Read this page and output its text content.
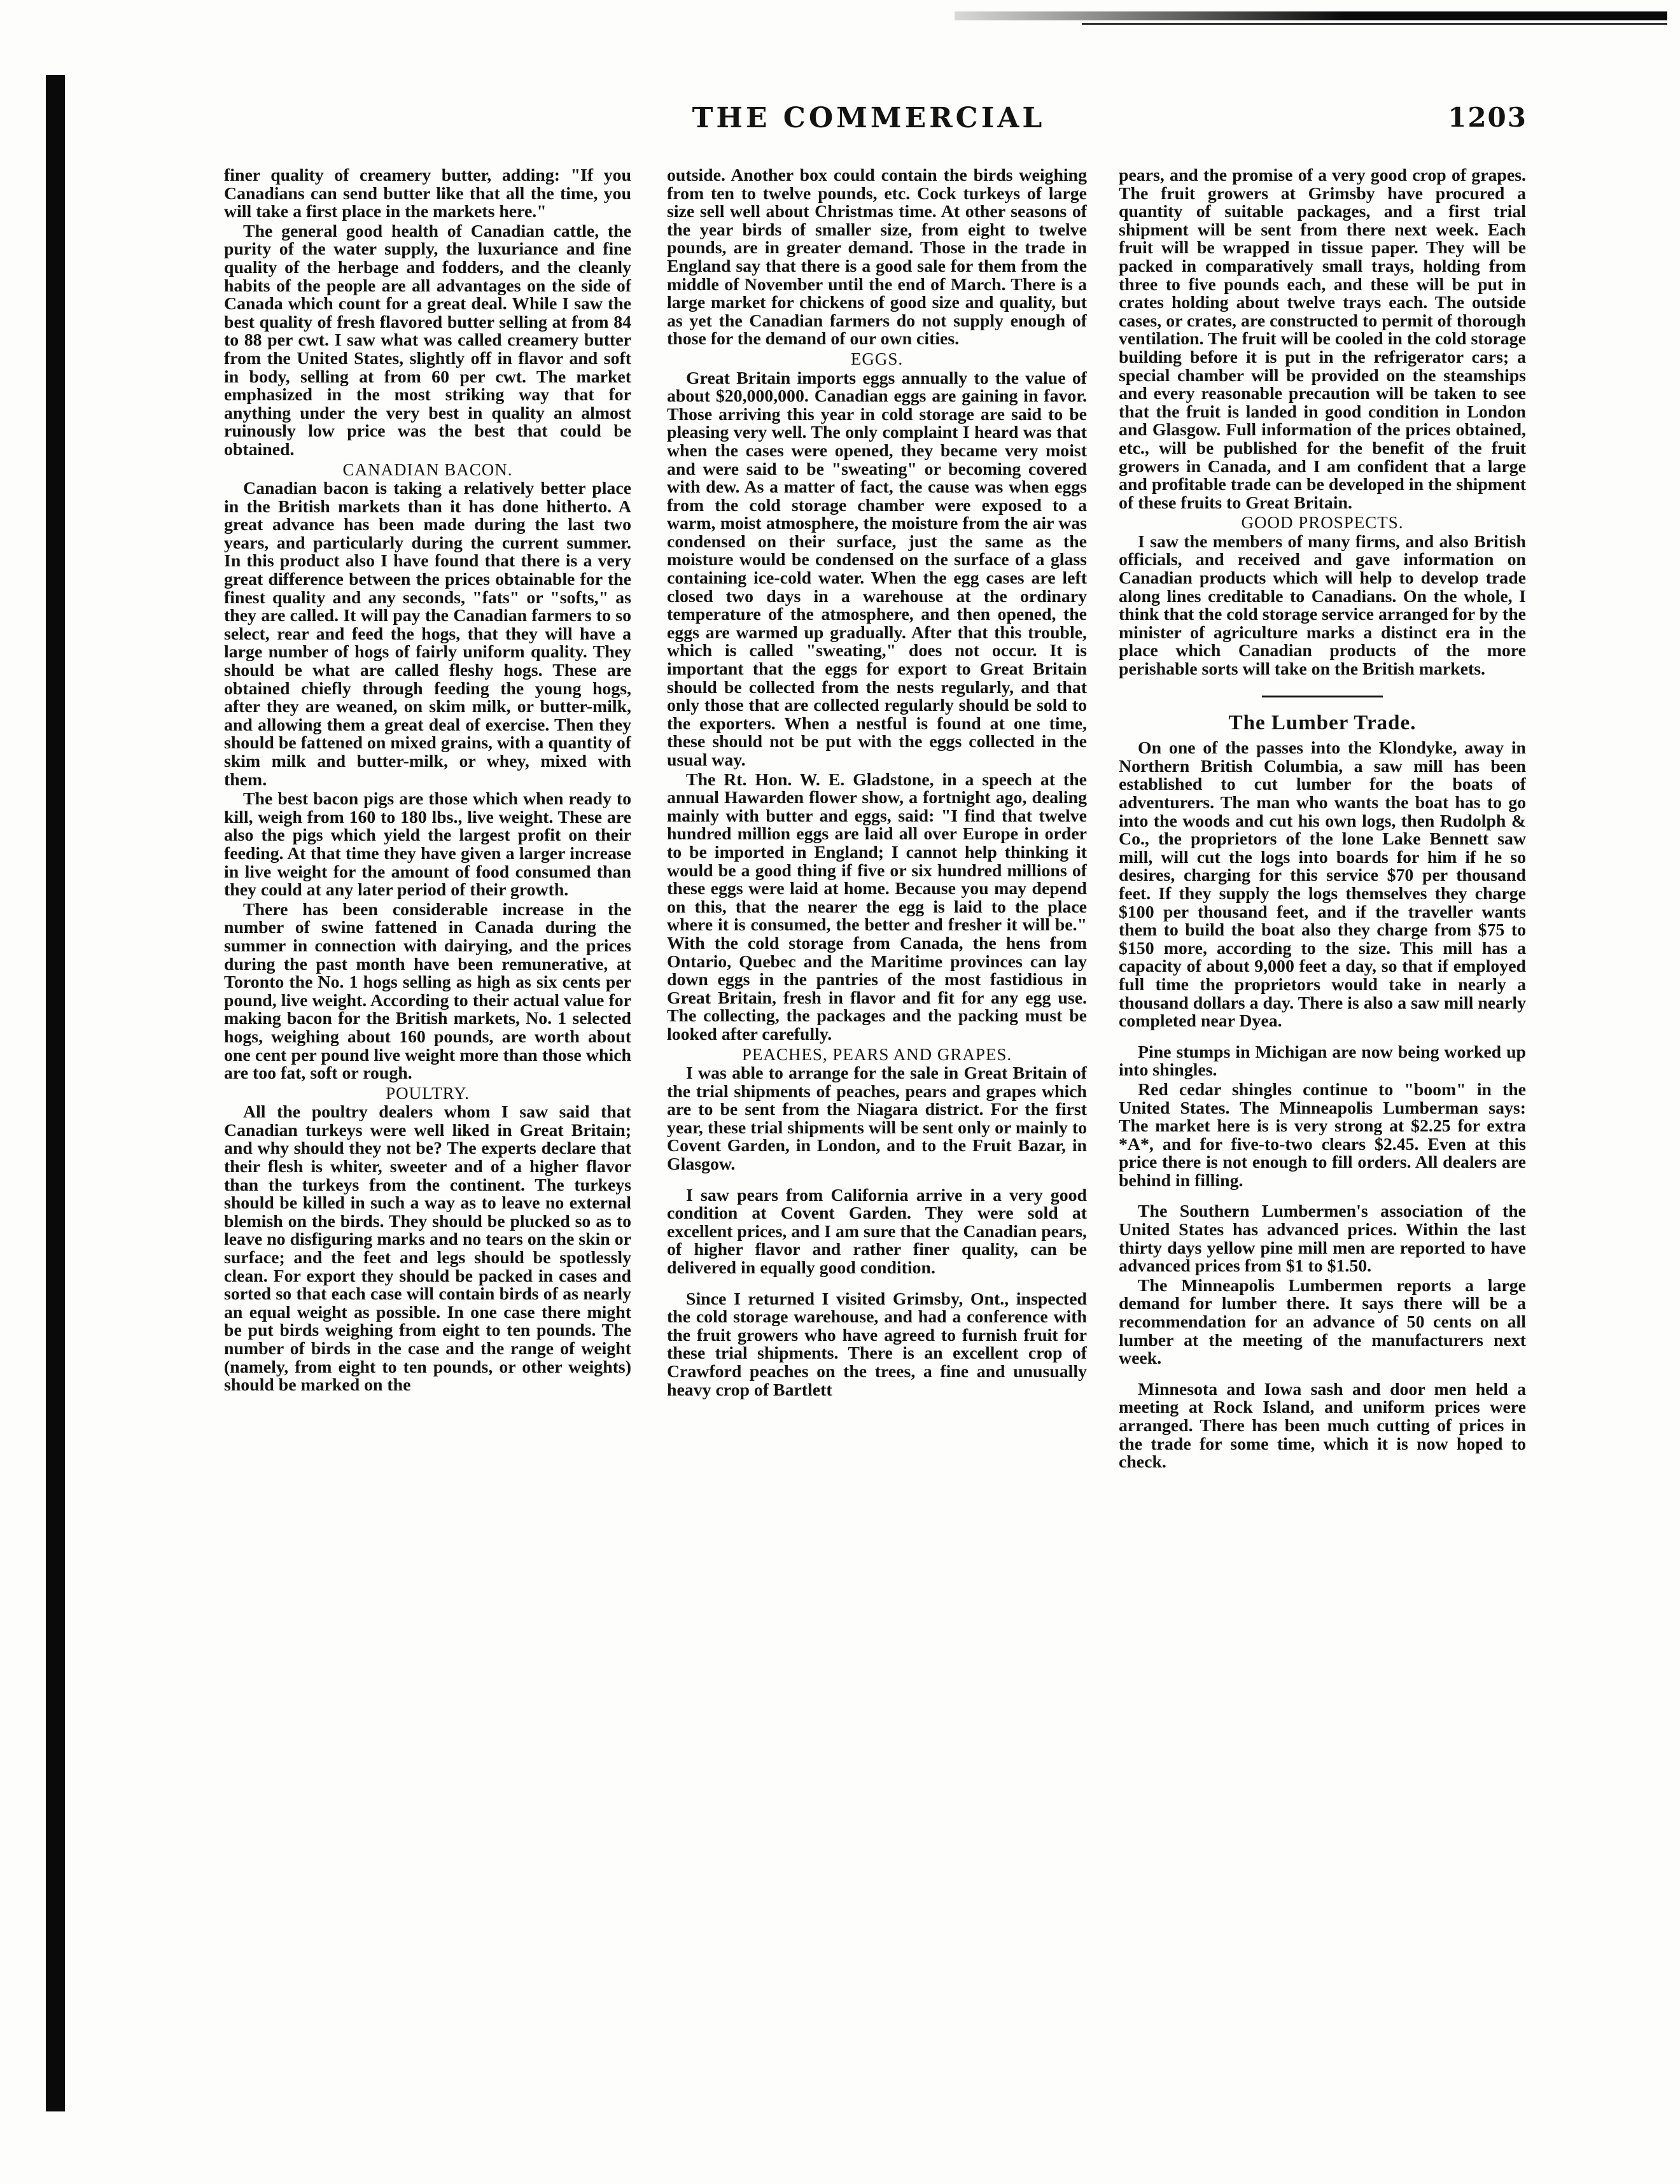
THE COMMERCIAL	1203

finer quality of creamery butter, adding: "If you Canadians can send butter like that all the time, you will take a first place in the markets here."

The general good health of Canadian cattle, the purity of the water supply, the luxuriance and fine quality of the herbage and fodders, and the cleanly habits of the people are all advantages on the side of Canada which count for a great deal. While I saw the best quality of fresh flavored butter selling at from 84 to 88 per cwt. I saw what was called creamery butter from the United States, slightly off in flavor and soft in body, selling at from 60 per cwt. The market emphasized in the most striking way that for anything under the very best in quality an almost ruinously low price was the best that could be obtained.

CANADIAN BACON.

Canadian bacon is taking a relatively better place in the British markets than it has done hitherto. A great advance has been made during the last two years, and particularly during the current summer. In this product also I have found that there is a very great difference between the prices obtainable for the finest quality and any seconds, "fats" or "softs," as they are called. It will pay the Canadian farmers to so select, rear and feed the hogs, that they will have a large number of hogs of fairly uniform quality. They should be what are called fleshy hogs. These are obtained chiefly through feeding the young hogs, after they are weaned, on skim milk, or butter-milk, and allowing them a great deal of exercise. Then they should be fattened on mixed grains, with a quantity of skim milk and butter-milk, or whey, mixed with them.

The best bacon pigs are those which when ready to kill, weigh from 160 to 180 lbs., live weight. These are also the pigs which yield the largest profit on their feeding. At that time they have given a larger increase in live weight for the amount of food consumed than they could at any later period of their growth.

There has been considerable increase in the number of swine fattened in Canada during the summer in connection with dairying, and the prices during the past month have been remunerative, at Toronto the No. 1 hogs selling as high as six cents per pound, live weight. According to their actual value for making bacon for the British markets, No. 1 selected hogs, weighing about 160 pounds, are worth about one cent per pound live weight more than those which are too fat, soft or rough.

POULTRY.

All the poultry dealers whom I saw said that Canadian turkeys were well liked in Great Britain; and why should they not be? The experts declare that their flesh is whiter, sweeter and of a higher flavor than the turkeys from the continent. The turkeys should be killed in such a way as to leave no external blemish on the birds. They should be plucked so as to leave no disfiguring marks and no tears on the skin or surface; and the feet and legs should be spotlessly clean. For export they should be packed in cases and sorted so that each case will contain birds of as nearly an equal weight as possible. In one case there might be put birds weighing from eight to ten pounds. The number of birds in the case and the range of weight (namely, from eight to ten pounds, or other weights) should be marked on the

outside. Another box could contain the birds weighing from ten to twelve pounds, etc. Cock turkeys of large size sell well about Christmas time. At other seasons of the year birds of smaller size, from eight to twelve pounds, are in greater demand. Those in the trade in England say that there is a good sale for them from the middle of November until the end of March. There is a large market for chickens of good size and quality, but as yet the Canadian farmers do not supply enough of those for the demand of our own cities.

EGGS.

Great Britain imports eggs annually to the value of about $20,000,000. Canadian eggs are gaining in favor. Those arriving this year in cold storage are said to be pleasing very well. The only complaint I heard was that when the cases were opened, they became very moist and were said to be "sweating" or becoming covered with dew. As a matter of fact, the cause was when eggs from the cold storage chamber were exposed to a warm, moist atmosphere, the moisture from the air was condensed on their surface, just the same as the moisture would be condensed on the surface of a glass containing ice-cold water. When the egg cases are left closed two days in a warehouse at the ordinary temperature of the atmosphere, and then opened, the eggs are warmed up gradually. After that this trouble, which is called "sweating," does not occur. It is important that the eggs for export to Great Britain should be collected from the nests regularly, and that only those that are collected regularly should be sold to the exporters. When a nestful is found at one time, these should not be put with the eggs collected in the usual way.

The Rt. Hon. W. E. Gladstone, in a speech at the annual Hawarden flower show, a fortnight ago, dealing mainly with butter and eggs, said: "I find that twelve hundred million eggs are laid all over Europe in order to be imported in England; I cannot help thinking it would be a good thing if five or six hundred millions of these eggs were laid at home. Because you may depend on this, that the nearer the egg is laid to the place where it is consumed, the better and fresher it will be." With the cold storage from Canada, the hens from Ontario, Quebec and the Maritime provinces can lay down eggs in the pantries of the most fastidious in Great Britain, fresh in flavor and fit for any egg use. The collecting, the packages and the packing must be looked after carefully.

PEACHES, PEARS AND GRAPES.

I was able to arrange for the sale in Great Britain of the trial shipments of peaches, pears and grapes which are to be sent from the Niagara district. For the first year, these trial shipments will be sent only or mainly to Covent Garden, in London, and to the Fruit Bazar, in Glasgow.

I saw pears from California arrive in a very good condition at Covent Garden. They were sold at excellent prices, and I am sure that the Canadian pears, of higher flavor and rather finer quality, can be delivered in equally good condition.

Since I returned I visited Grimsby, Ont., inspected the cold storage warehouse, and had a conference with the fruit growers who have agreed to furnish fruit for these trial shipments. There is an excellent crop of Crawford peaches on the trees, a fine and unusually heavy crop of Bartlett

pears, and the promise of a very good crop of grapes. The fruit growers at Grimsby have procured a quantity of suitable packages, and a first trial shipment will be sent from there next week. Each fruit will be wrapped in tissue paper. They will be packed in comparatively small trays, holding from three to five pounds each, and these will be put in crates holding about twelve trays each. The outside cases, or crates, are constructed to permit of thorough ventilation. The fruit will be cooled in the cold storage building before it is put in the refrigerator cars; a special chamber will be provided on the steamships and every reasonable precaution will be taken to see that the fruit is landed in good condition in London and Glasgow. Full information of the prices obtained, etc., will be published for the benefit of the fruit growers in Canada, and I am confident that a large and profitable trade can be developed in the shipment of these fruits to Great Britain.

GOOD PROSPECTS.

I saw the members of many firms, and also British officials, and received and gave information on Canadian products which will help to develop trade along lines creditable to Canadians. On the whole, I think that the cold storage service arranged for by the minister of agriculture marks a distinct era in the place which Canadian products of the more perishable sorts will take on the British markets.

The Lumber Trade.

On one of the passes into the Klondyke, away in Northern British Columbia, a saw mill has been established to cut lumber for the boats of adventurers. The man who wants the boat has to go into the woods and cut his own logs, then Rudolph & Co., the proprietors of the lone Lake Bennett saw mill, will cut the logs into boards for him if he so desires, charging for this service $70 per thousand feet. If they supply the logs themselves they charge $100 per thousand feet, and if the traveller wants them to build the boat also they charge from $75 to $150 more, according to the size. This mill has a capacity of about 9,000 feet a day, so that if employed full time the proprietors would take in nearly a thousand dollars a day. There is also a saw mill nearly completed near Dyea.

Pine stumps in Michigan are now being worked up into shingles.

Red cedar shingles continue to "boom" in the United States. The Minneapolis Lumberman says: The market here is is very strong at $2.25 for extra *A*, and for five-to-two clears $2.45. Even at this price there is not enough to fill orders. All dealers are behind in filling.

The Southern Lumbermen's association of the United States has advanced prices. Within the last thirty days yellow pine mill men are reported to have advanced prices from $1 to $1.50.

The Minneapolis Lumbermen reports a large demand for lumber there. It says there will be a recommendation for an advance of 50 cents on all lumber at the meeting of the manufacturers next week.

Minnesota and Iowa sash and door men held a meeting at Rock Island, and uniform prices were arranged. There has been much cutting of prices in the trade for some time, which it is now hoped to check.
